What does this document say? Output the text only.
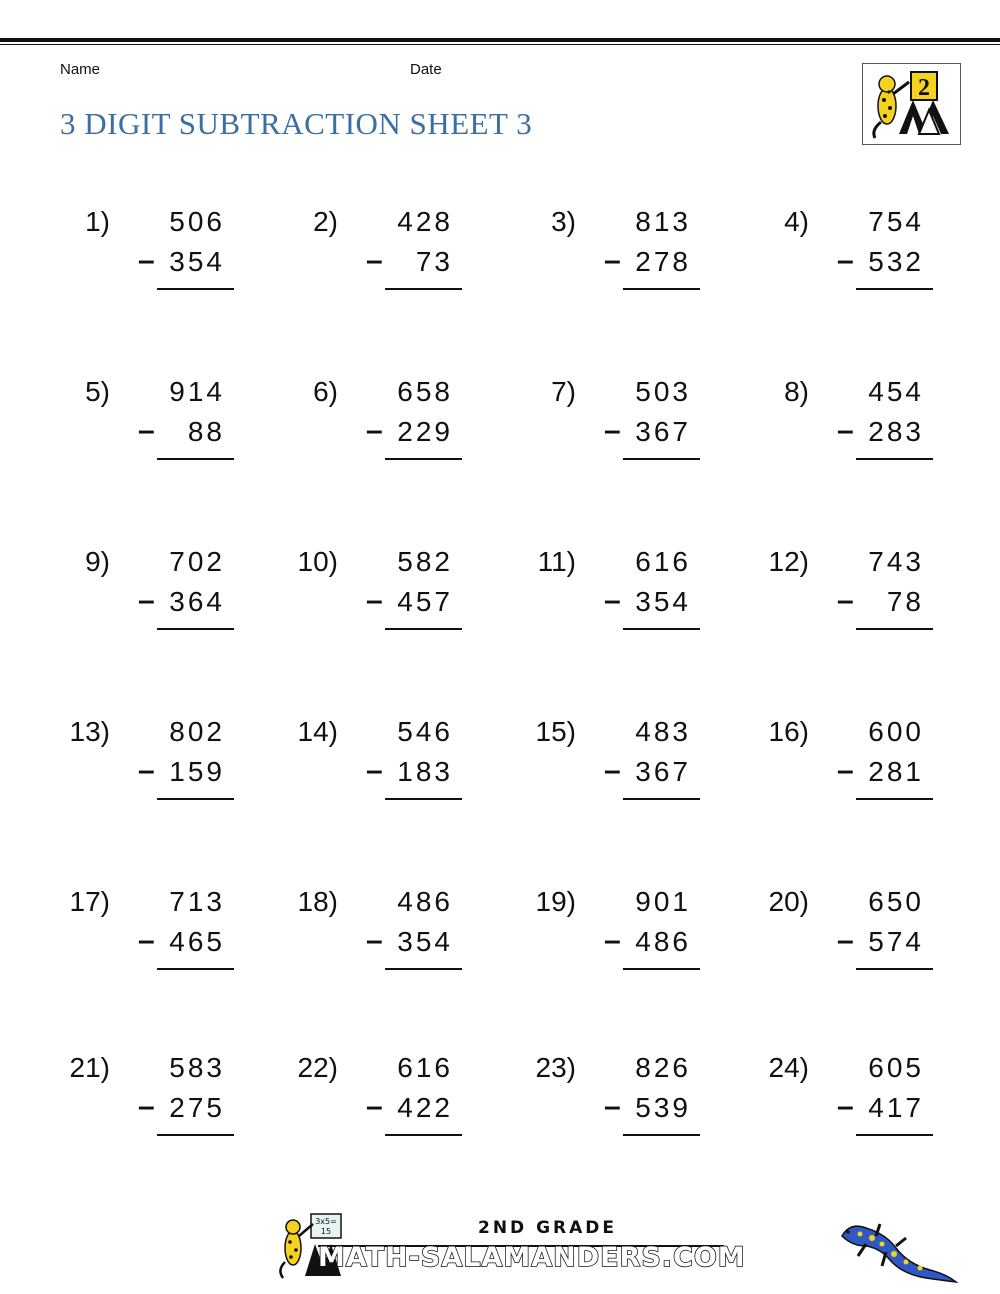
Name	Date
3 DIGIT SUBTRACTION SHEET 3
2
1)	506
– 354
2)	428
–	73
3)	813
– 278
4)	754
– 532
5)	914
–	88
6)	658
– 229
7)	503
– 367
8)	454
– 283
9)	702
– 364
10)	582
– 457
11)	616
– 354
12)	743
–	78
13)	802
– 159
14)	546
– 183
15)	483
– 367
16)	600
– 281
17)	713
– 465
18)	486
– 354
19)	901
– 486
20)	650
– 574
21)	583
– 275
22)	616
– 422
23)	826
– 539
24)	605
– 417
3x5=
15	2ND GRADE
MATH-SALAMANDERS.COM
